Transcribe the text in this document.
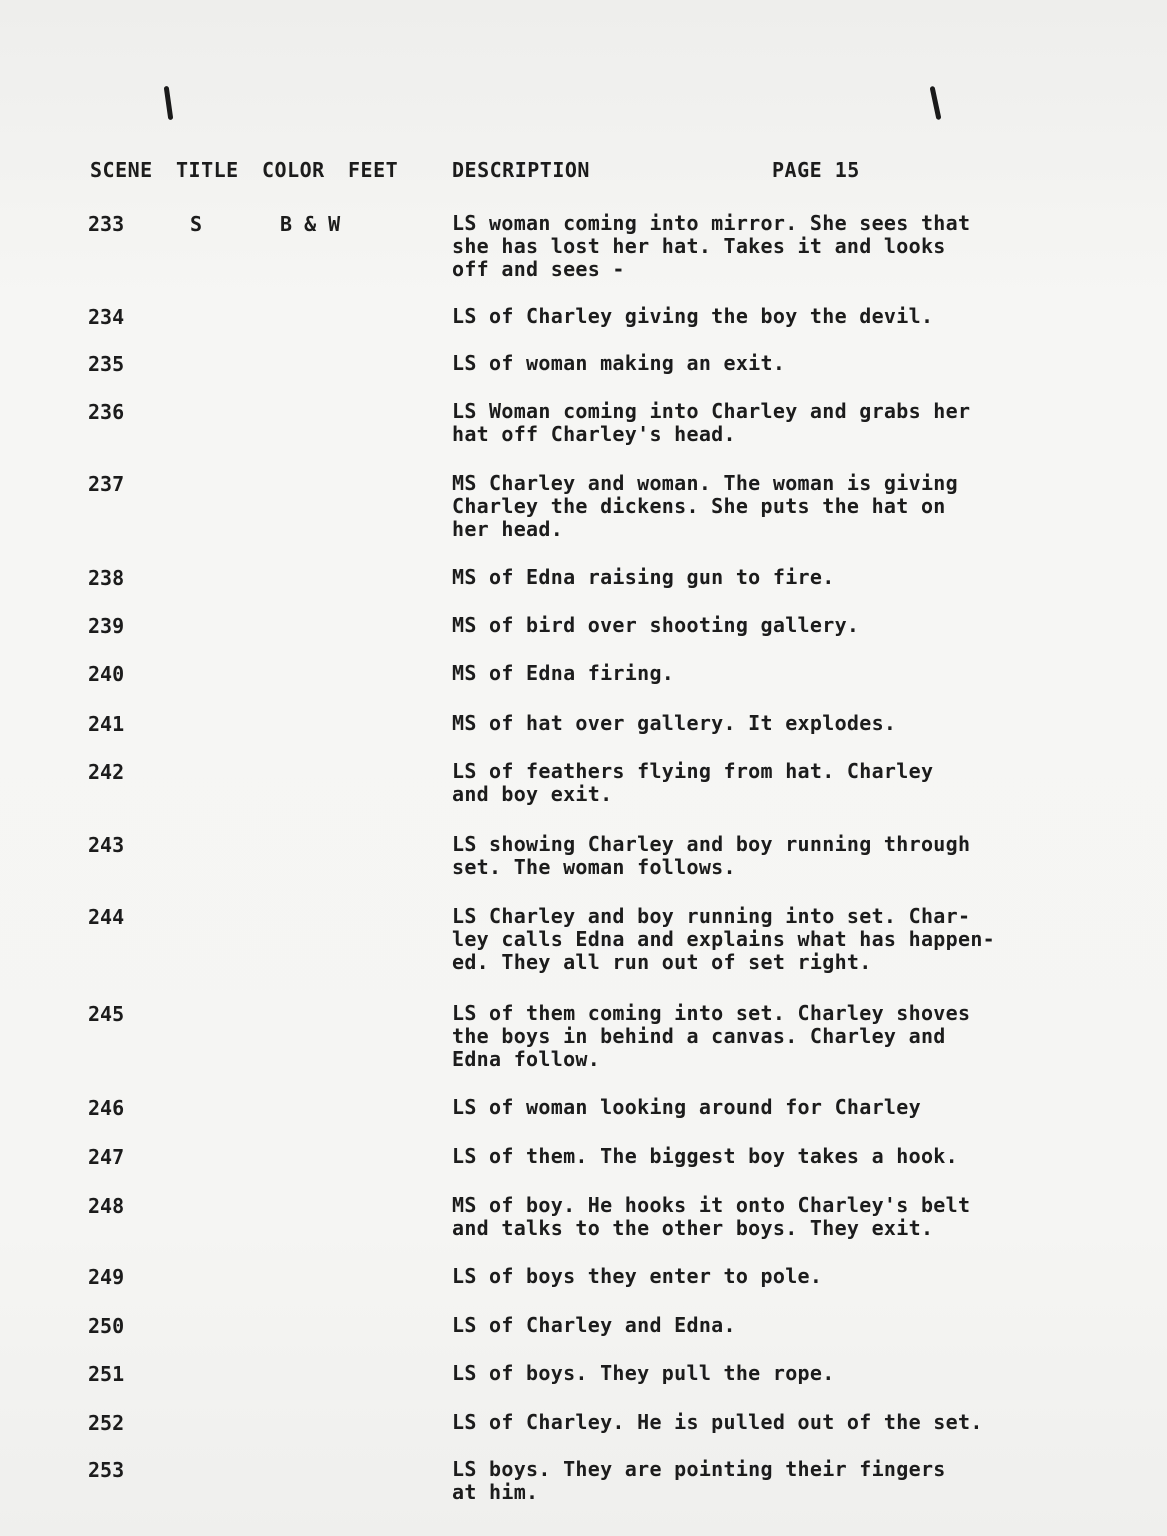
SCENE TITLE COLOR FEET	DESCRIPTION	PAGE 15
233	S	B & W	LS woman coming into mirror. She sees that
she has lost her hat. Takes it and looks
off and sees -
234	LS of Charley giving the boy the devil.
235	LS of woman making an exit.
236	LS Woman coming into Charley and grabs her
hat off Charley's head.
237	MS Charley and woman. The woman is giving
Charley the dickens. She puts the hat on
her head.
238	MS of Edna raising gun to fire.
239	MS of bird over shooting gallery.
240	MS of Edna firing.
241	MS of hat over gallery. It explodes.
242	LS of feathers flying from hat. Charley
and boy exit.
243	LS showing Charley and boy running through
set. The woman follows.
244	LS Charley and boy running into set. Char-
ley calls Edna and explains what has happen-
ed. They all run out of set right.
245	LS of them coming into set. Charley shoves
the boys in behind a canvas. Charley and
Edna follow.
246	LS of woman looking around for Charley
247	LS of them. The biggest boy takes a hook.
248	MS of boy. He hooks it onto Charley's belt
and talks to the other boys. They exit.
249	LS of boys they enter to pole.
250	LS of Charley and Edna.
251	LS of boys. They pull the rope.
252	LS of Charley. He is pulled out of the set.
253	LS boys. They are pointing their fingers
at him.
